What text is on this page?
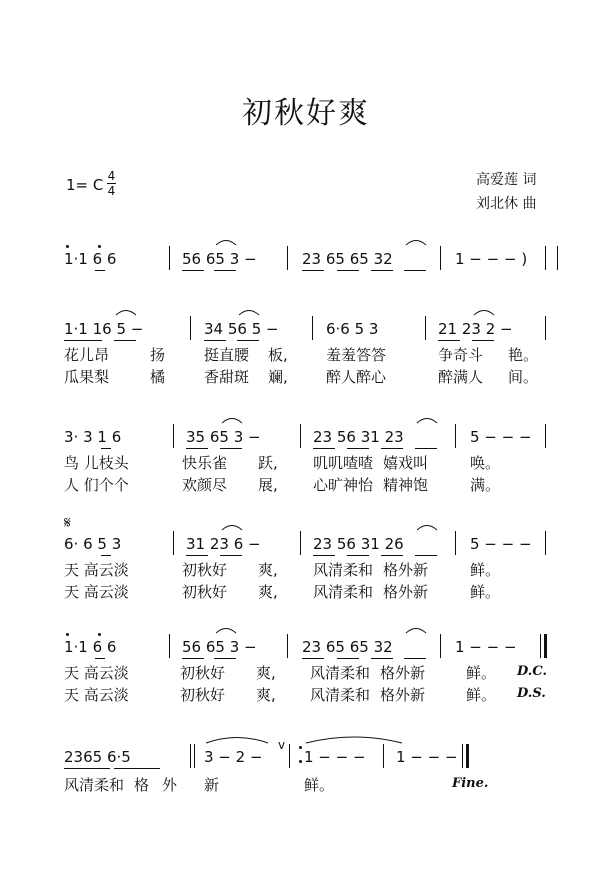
初秋好爽
1= C 4
4
高爱莲 词
刘北休 曲
1·1 6 6	56 65 3 −	23 65 65 32	1 − − − )
1·1 16 5 −	34 56 5 −	6·6 5 3	21 23 2 −
花儿昂	扬	挺直腰 板,	羞羞答答	争奇斗 艳。
瓜果梨	橘	香甜斑 斓,	醉人醉心	醉满人 间。
3· 3 1 6	35 65 3 −	23 56 31 23	5 − − −
鸟 儿枝头	快乐雀 跃, 叽叽喳喳 嬉戏叫	唤。
人 们个个	欢颜尽 展, 心旷神怡 精神饱	满。
𝄋
6· 6 5 3	31 23 6 −	23 56 31 26	5 − − −
天 高云淡	初秋好 爽, 风清柔和 格外新	鲜。
天 高云淡	初秋好 爽, 风清柔和 格外新	鲜。
1·1 6 6	56 65 3 −	23 65 65 32	1 − − −
天 高云淡	初秋好 爽, 风清柔和 格外新	鲜。 D.C.
天 高云淡	初秋好 爽, 风清柔和 格外新	鲜。 D.S.
2365 6·5	3 − 2 −
v
1 − − − 1 − − −
风清柔和 格 外 新	鲜。	Fine.
